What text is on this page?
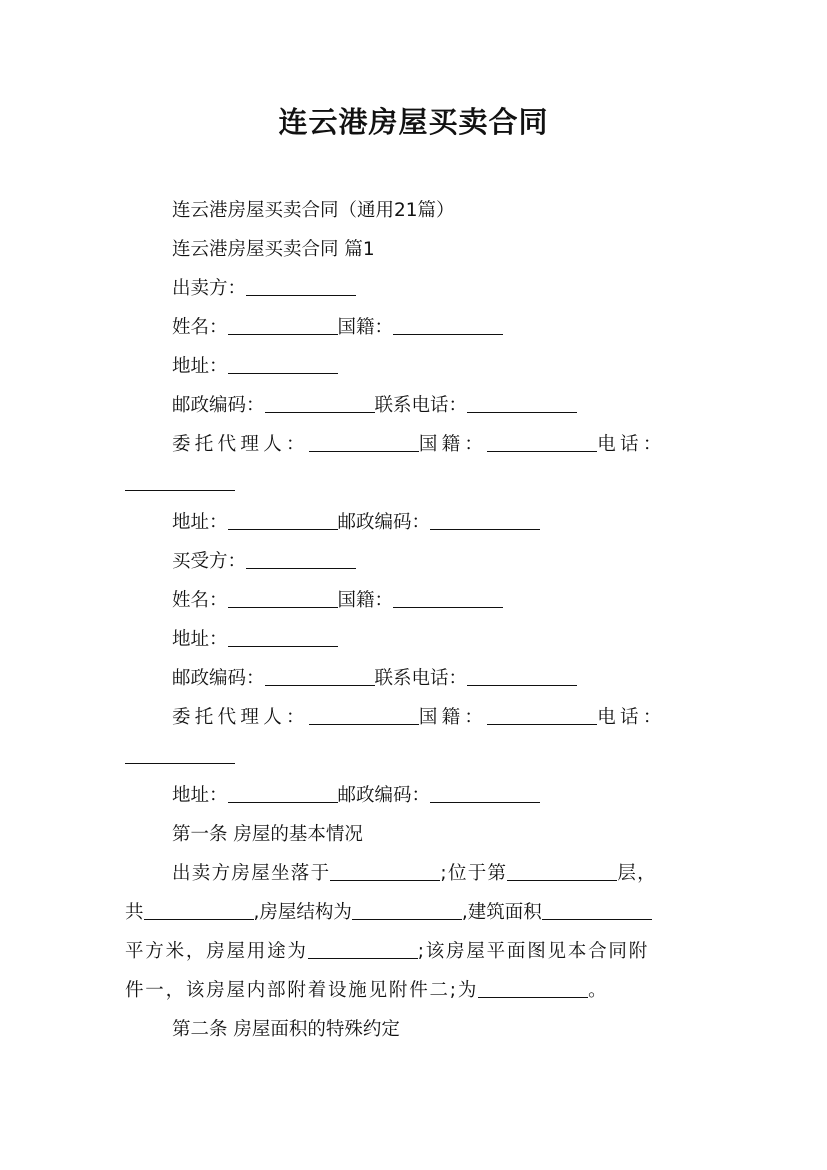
连云港房屋买卖合同
连云港房屋买卖合同（通用21篇）
连云港房屋买卖合同 篇1
出卖方：
姓名：	国籍：
地址：
邮政编码：	联系电话：
委托代理人：	国籍：	电话：
地址：	邮政编码：
买受方：
姓名：	国籍：
地址：
邮政编码：	联系电话：
委托代理人：	国籍：	电话：
地址：	邮政编码：
第一条 房屋的基本情况
出卖方房屋坐落于	;位于第	层，
共	,房屋结构为	,建筑面积
平方米，房屋用途为	;该房屋平面图见本合同附
件一，该房屋内部附着设施见附件二;为	。
第二条 房屋面积的特殊约定
